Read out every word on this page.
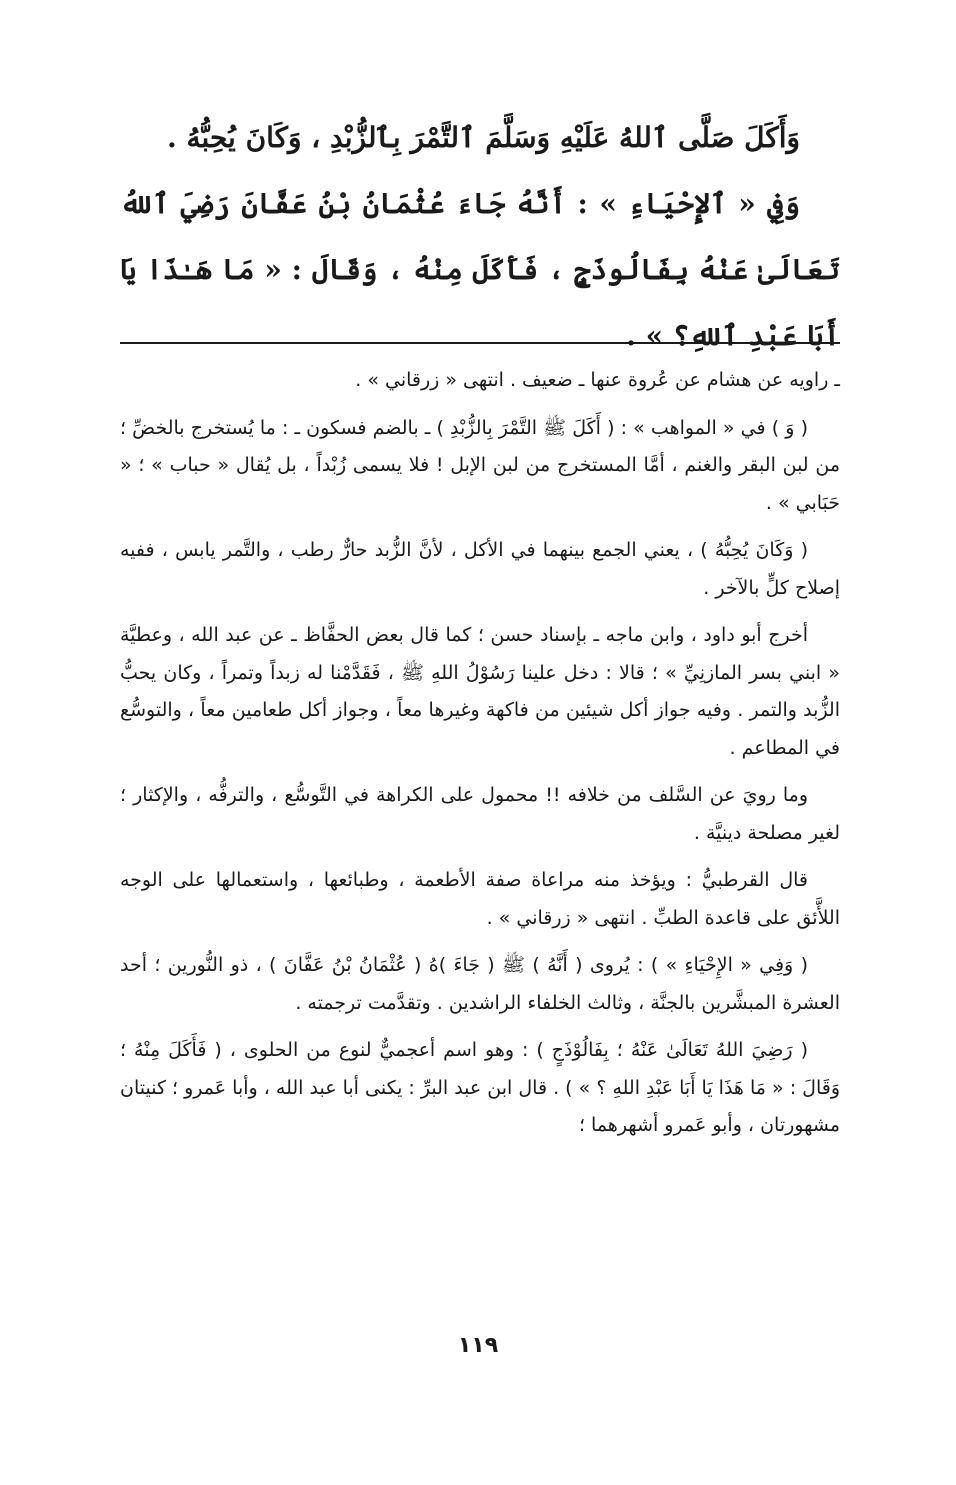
وَأَكَلَ صَلَّى ٱللهُ عَلَيْهِ وَسَلَّمَ ٱلتَّمْرَ بِٱلزُّبْدِ ، وَكَانَ يُحِبُّهُ .

وَفِي « ٱلإِحْيَاءِ » : أَنَّهُ جَاءَ عُثْمَانُ بْنُ عَفَّانَ رَضِيَ ٱللهُ تَعَالَىٰ عَنْهُ بِفَالُوذَجٍ ، فَأَكَلَ مِنْهُ ، وَقَالَ : « مَا هَـٰذَا يَا أَبَا عَبْدِ ٱللهِ؟ » .

ـ راويه عن هشام عن عُروة عنها ـ ضعيف . انتهى « زرقاني » .

( وَ ) في « المواهب » : ( أَكَلَ ﷺ التَّمْرَ بِالزُّبْدِ ) ـ بالضم فسكون ـ : ما يُستخرج بالخضِّ ؛ من لبن البقر والغنم ، أمَّا المستخرج من لبن الإبل ! فلا يسمى زُبْداً ، بل يُقال « حباب » ؛ « حَبَابي » .

( وَكَانَ يُحِبُّهُ ) ، يعني الجمع بينهما في الأكل ، لأنَّ الزُّبد حارٌّ رطب ، والتَّمر يابس ، ففيه إصلاح كلٍّ بالآخر .

أخرج أبو داود ، وابن ماجه ـ بإسناد حسن ؛ كما قال بعض الحفَّاظ ـ عن عبد الله ، وعطيَّة « ابني بسر المازنِيِّ » ؛ قالا : دخل علينا رَسُوْلُ اللهِ ﷺ ، فَقَدَّمْنا له زبداً وتمراً ، وكان يحبُّ الزُّبد والتمر . وفيه جواز أكل شيئين من فاكهة وغيرها معاً ، وجواز أكل طعامين معاً ، والتوسُّع في المطاعم .

وما رويَ عن السَّلف من خلافه !! محمول على الكراهة في التَّوسُّع ، والترفُّه ، والإكثار ؛ لغير مصلحة دينيَّة .

قال القرطبيُّ : ويؤخذ منه مراعاة صفة الأطعمة ، وطبائعها ، واستعمالها على الوجه اللأَّئق على قاعدة الطبِّ . انتهى « زرقاني » .

( وَفِي « الإِحْيَاءِ » ) : يُروى ( أَنَّهُ ) ﷺ ( جَاءَ )هُ ( عُثْمَانُ بْنُ عَفَّانَ ) ، ذو النُّورين ؛ أحد العشرة المبشَّرين بالجنَّة ، وثالث الخلفاء الراشدين . وتقدَّمت ترجمته .

( رَضِيَ اللهُ تَعَالَىٰ عَنْهُ ؛ بِفَالُوْذَجٍ ) : وهو اسم أعجميٌّ لنوع من الحلوى ، ( فَأَكَلَ مِنْهُ ؛ وَقَالَ : « مَا هَذَا يَا أَبَا عَبْدِ اللهِ ؟ » ) . قال ابن عبد البرِّ : يكنى أبا عبد الله ، وأبا عَمرو ؛ كنيتان مشهورتان ، وأبو عَمرو أشهرهما ؛

١١٩
